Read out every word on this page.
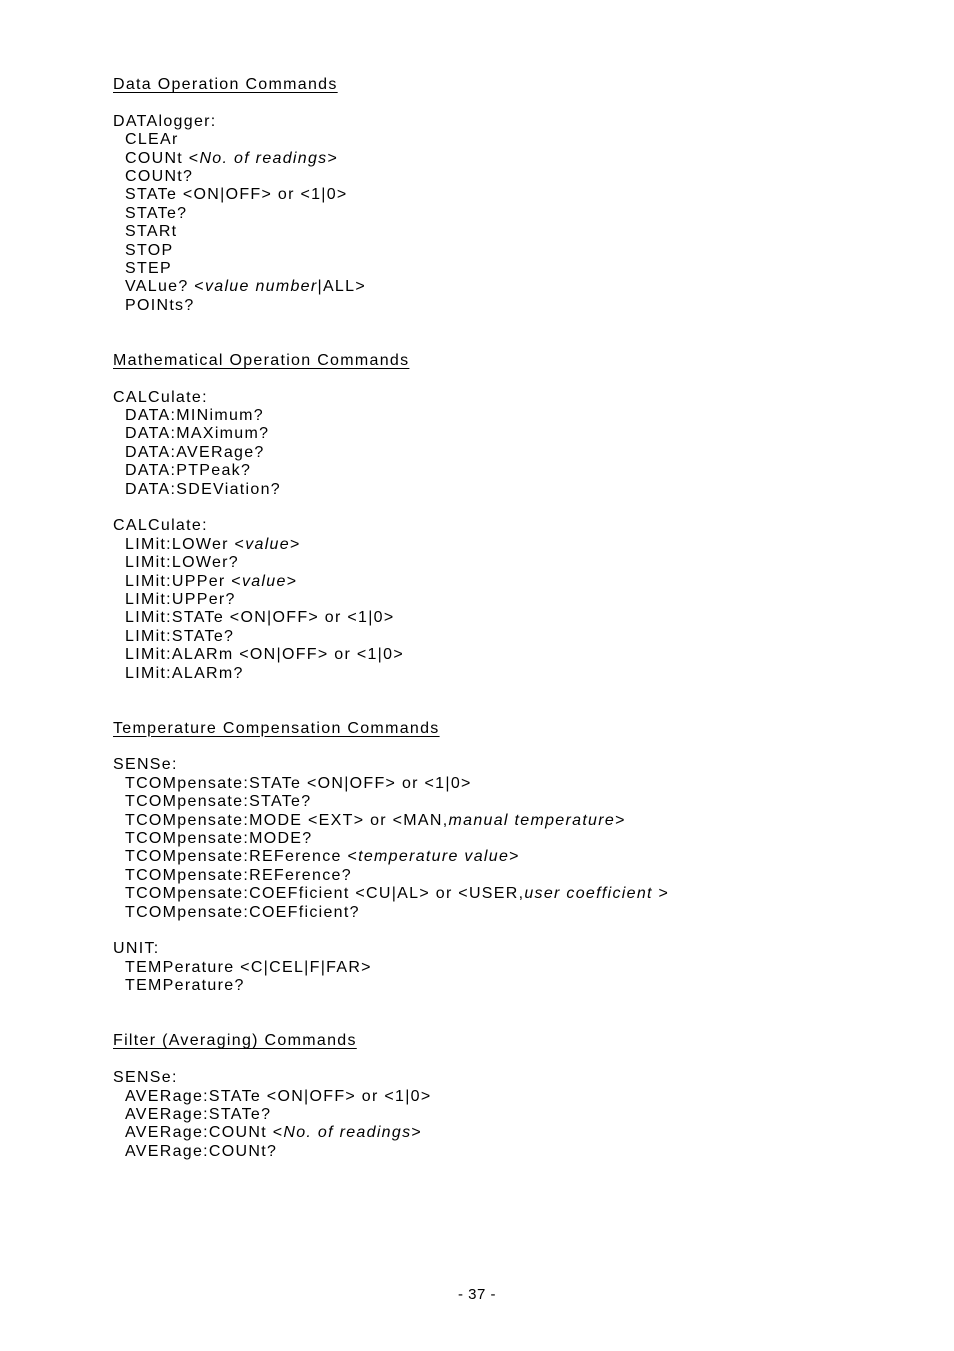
Data Operation Commands
DATAlogger:
CLEAr
COUNt <No. of readings>
COUNt?
STATe <ON|OFF> or <1|0>
STATe?
STARt
STOP
STEP
VALue? <value number|ALL>
POINts?
Mathematical Operation Commands
CALCulate:
DATA:MINimum?
DATA:MAXimum?
DATA:AVERage?
DATA:PTPeak?
DATA:SDEViation?
CALCulate:
LIMit:LOWer <value>
LIMit:LOWer?
LIMit:UPPer <value>
LIMit:UPPer?
LIMit:STATe <ON|OFF> or <1|0>
LIMit:STATe?
LIMit:ALARm <ON|OFF> or <1|0>
LIMit:ALARm?
Temperature Compensation Commands
SENSe:
TCOMpensate:STATe <ON|OFF> or <1|0>
TCOMpensate:STATe?
TCOMpensate:MODE <EXT> or <MAN,manual temperature>
TCOMpensate:MODE?
TCOMpensate:REFerence <temperature value>
TCOMpensate:REFerence?
TCOMpensate:COEFficient <CU|AL> or <USER,user coefficient >
TCOMpensate:COEFficient?
UNIT:
TEMPerature <C|CEL|F|FAR>
TEMPerature?
Filter (Averaging) Commands
SENSe:
AVERage:STATe <ON|OFF> or <1|0>
AVERage:STATe?
AVERage:COUNt <No. of readings>
AVERage:COUNt?
- 37 -
